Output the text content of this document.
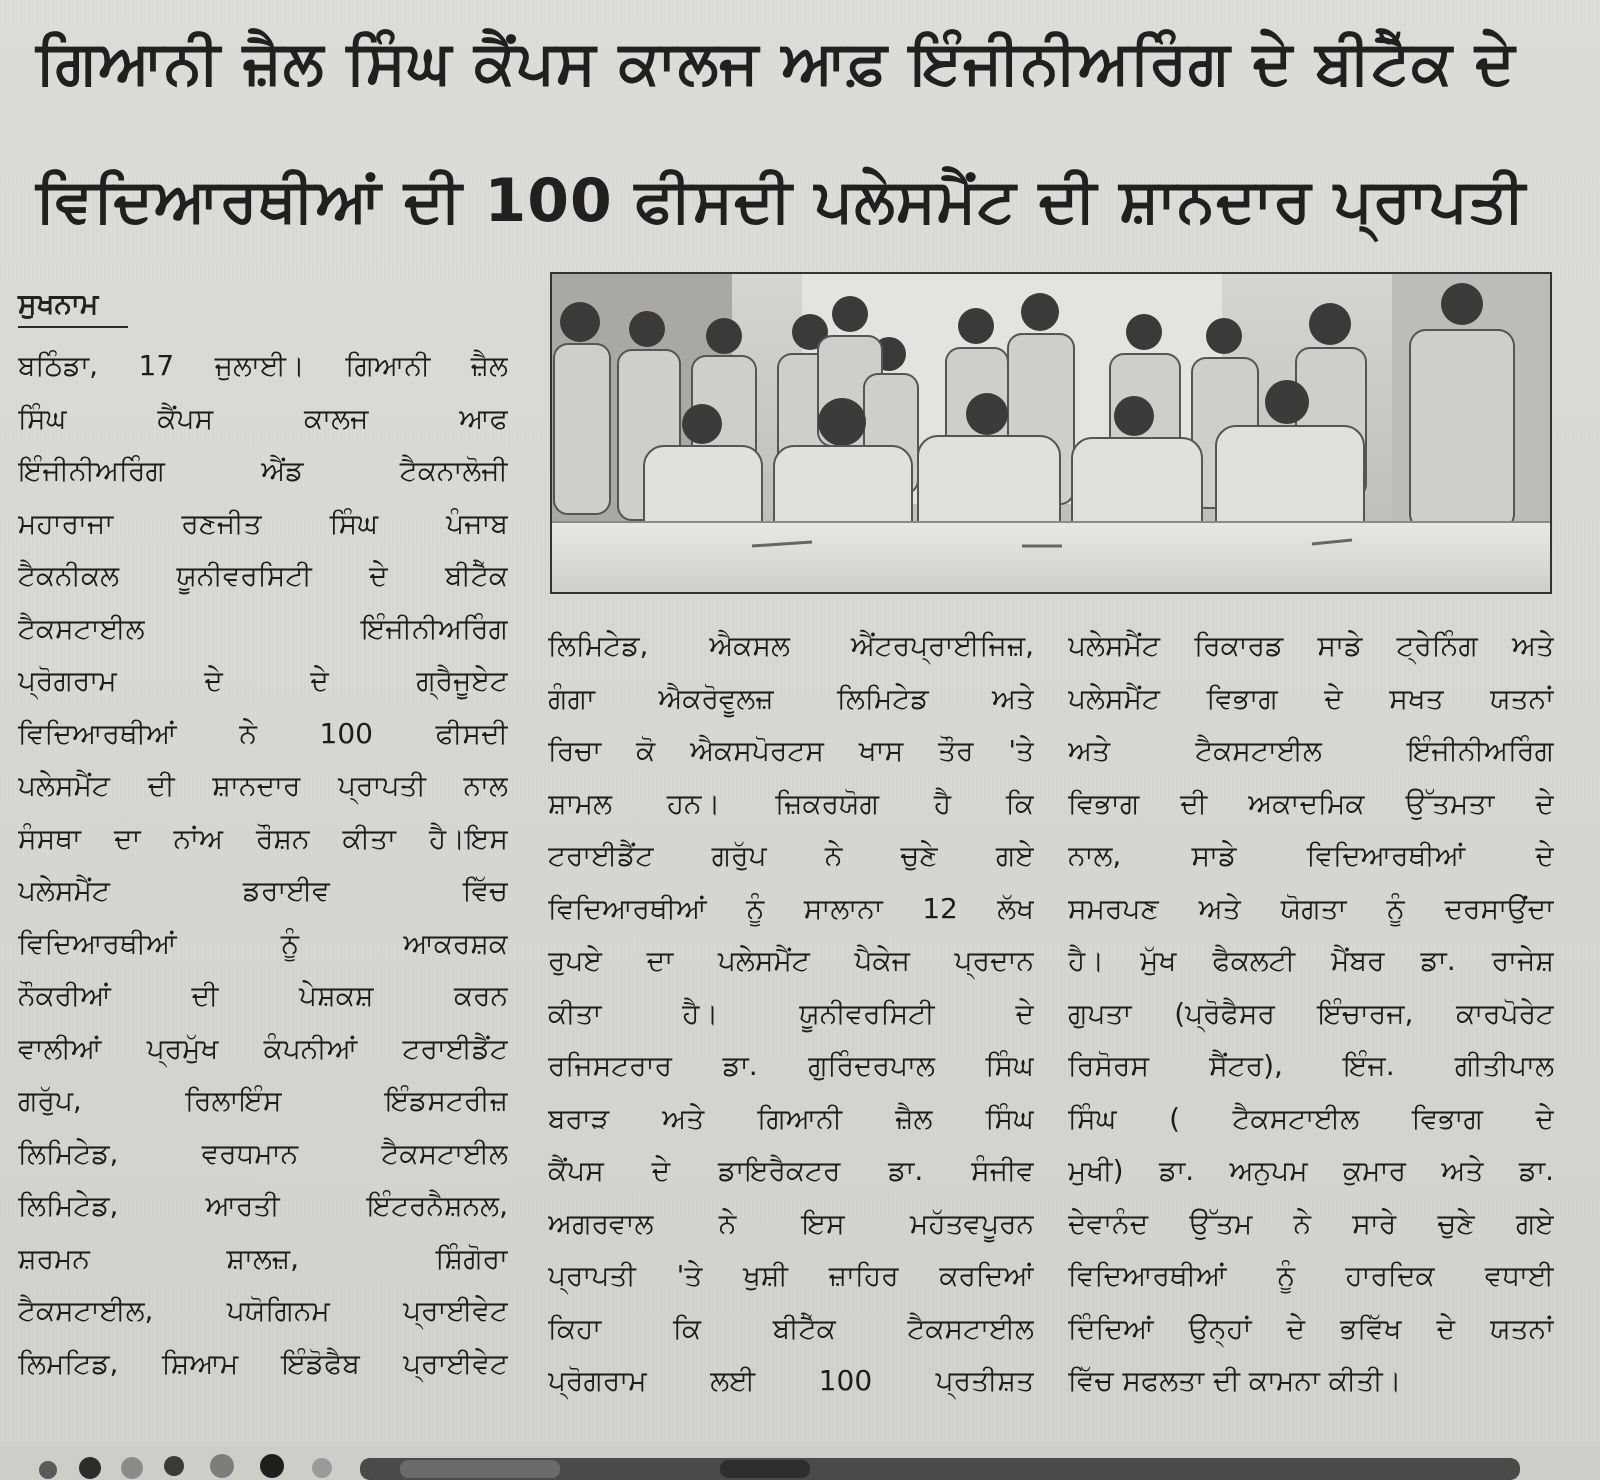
ਗਿਆਨੀ ਜ਼ੈਲ ਸਿੰਘ ਕੈਂਪਸ ਕਾਲਜ ਆਫ਼ ਇੰਜੀਨੀਅਰਿੰਗ ਦੇ ਬੀਟੈੱਕ ਦੇ
ਵਿਦਿਆਰਥੀਆਂ ਦੀ 100 ਫੀਸਦੀ ਪਲੇਸਮੈਂਟ ਦੀ ਸ਼ਾਨਦਾਰ ਪ੍ਰਾਪਤੀ
ਸੁਖਨਾਮ
ਬਠਿੰਡਾ, 17 ਜੁਲਾਈ। ਗਿਆਨੀ ਜ਼ੈਲ
ਸਿੰਘ ਕੈਂਪਸ ਕਾਲਜ ਆਫ
ਇੰਜੀਨੀਅਰਿੰਗ ਐਂਡ ਟੈਕਨਾਲੋਜੀ
ਮਹਾਰਾਜਾ ਰਣਜੀਤ ਸਿੰਘ ਪੰਜਾਬ
ਟੈਕਨੀਕਲ ਯੂਨੀਵਰਸਿਟੀ ਦੇ ਬੀਟੈੱਕ
ਟੈਕਸਟਾਈਲ ਇੰਜੀਨੀਅਰਿੰਗ
ਪ੍ਰੋਗਰਾਮ ਦੇ ਦੇ ਗ੍ਰੈਜੂਏਟ
ਵਿਦਿਆਰਥੀਆਂ ਨੇ 100 ਫੀਸਦੀ
ਪਲੇਸਮੈਂਟ ਦੀ ਸ਼ਾਨਦਾਰ ਪ੍ਰਾਪਤੀ ਨਾਲ
ਸੰਸਥਾ ਦਾ ਨਾਂਅ ਰੌਸ਼ਨ ਕੀਤਾ ਹੈ।ਇਸ
ਪਲੇਸਮੈਂਟ ਡਰਾਈਵ ਵਿੱਚ
ਵਿਦਿਆਰਥੀਆਂ ਨੂੰ ਆਕਰਸ਼ਕ
ਨੌਕਰੀਆਂ ਦੀ ਪੇਸ਼ਕਸ਼ ਕਰਨ
ਵਾਲੀਆਂ ਪ੍ਰਮੁੱਖ ਕੰਪਨੀਆਂ ਟਰਾਈਡੈਂਟ
ਗਰੁੱਪ, ਰਿਲਾਇੰਸ ਇੰਡਸਟਰੀਜ਼
ਲਿਮਿਟੇਡ, ਵਰਧਮਾਨ ਟੈਕਸਟਾਈਲ
ਲਿਮਿਟੇਡ, ਆਰਤੀ ਇੰਟਰਨੈਸ਼ਨਲ,
ਸ਼ਰਮਨ ਸ਼ਾਲਜ਼, ਸ਼ਿੰਗੋਰਾ
ਟੈਕਸਟਾਈਲ, ਪਯੋਗਿਨਮ ਪ੍ਰਾਈਵੇਟ
ਲਿਮਟਿਡ, ਸ਼ਿਆਮ ਇੰਡੋਫੈਬ ਪ੍ਰਾਈਵੇਟ
ਲਿਮਿਟੇਡ, ਐਕਸਲ ਐਂਟਰਪ੍ਰਾਈਜਿਜ਼,
ਗੰਗਾ ਐਕਰੋਵੂਲਜ਼ ਲਿਮਿਟੇਡ ਅਤੇ
ਰਿਚਾ ਕੋ ਐਕਸਪੋਰਟਸ ਖਾਸ ਤੌਰ 'ਤੇ
ਸ਼ਾਮਲ ਹਨ। ਜ਼ਿਕਰਯੋਗ ਹੈ ਕਿ
ਟਰਾਈਡੈਂਟ ਗਰੁੱਪ ਨੇ ਚੁਣੇ ਗਏ
ਵਿਦਿਆਰਥੀਆਂ ਨੂੰ ਸਾਲਾਨਾ 12 ਲੱਖ
ਰੁਪਏ ਦਾ ਪਲੇਸਮੈਂਟ ਪੈਕੇਜ ਪ੍ਰਦਾਨ
ਕੀਤਾ ਹੈ। ਯੂਨੀਵਰਸਿਟੀ ਦੇ
ਰਜਿਸਟਰਾਰ ਡਾ. ਗੁਰਿੰਦਰਪਾਲ ਸਿੰਘ
ਬਰਾੜ ਅਤੇ ਗਿਆਨੀ ਜ਼ੈਲ ਸਿੰਘ
ਕੈਂਪਸ ਦੇ ਡਾਇਰੈਕਟਰ ਡਾ. ਸੰਜੀਵ
ਅਗਰਵਾਲ ਨੇ ਇਸ ਮਹੱਤਵਪੂਰਨ
ਪ੍ਰਾਪਤੀ 'ਤੇ ਖੁਸ਼ੀ ਜ਼ਾਹਿਰ ਕਰਦਿਆਂ
ਕਿਹਾ ਕਿ ਬੀਟੈੱਕ ਟੈਕਸਟਾਈਲ
ਪ੍ਰੋਗਰਾਮ ਲਈ 100 ਪ੍ਰਤੀਸ਼ਤ
ਪਲੇਸਮੈਂਟ ਰਿਕਾਰਡ ਸਾਡੇ ਟ੍ਰੇਨਿੰਗ ਅਤੇ
ਪਲੇਸਮੈਂਟ ਵਿਭਾਗ ਦੇ ਸਖਤ ਯਤਨਾਂ
ਅਤੇ ਟੈਕਸਟਾਈਲ ਇੰਜੀਨੀਅਰਿੰਗ
ਵਿਭਾਗ ਦੀ ਅਕਾਦਮਿਕ ਉੱਤਮਤਾ ਦੇ
ਨਾਲ, ਸਾਡੇ ਵਿਦਿਆਰਥੀਆਂ ਦੇ
ਸਮਰਪਣ ਅਤੇ ਯੋਗਤਾ ਨੂੰ ਦਰਸਾਉਂਦਾ
ਹੈ। ਮੁੱਖ ਫੈਕਲਟੀ ਮੈਂਬਰ ਡਾ. ਰਾਜੇਸ਼
ਗੁਪਤਾ (ਪ੍ਰੋਫੈਸਰ ਇੰਚਾਰਜ, ਕਾਰਪੋਰੇਟ
ਰਿਸੋਰਸ ਸੈਂਟਰ), ਇੰਜ. ਗੀਤੀਪਾਲ
ਸਿੰਘ ( ਟੈਕਸਟਾਈਲ ਵਿਭਾਗ ਦੇ
ਮੁਖੀ) ਡਾ. ਅਨੁਪਮ ਕੁਮਾਰ ਅਤੇ ਡਾ.
ਦੇਵਾਨੰਦ ਉੱਤਮ ਨੇ ਸਾਰੇ ਚੁਣੇ ਗਏ
ਵਿਦਿਆਰਥੀਆਂ ਨੂੰ ਹਾਰਦਿਕ ਵਧਾਈ
ਦਿੰਦਿਆਂ ਉਨ੍ਹਾਂ ਦੇ ਭਵਿੱਖ ਦੇ ਯਤਨਾਂ
ਵਿੱਚ ਸਫਲਤਾ ਦੀ ਕਾਮਨਾ ਕੀਤੀ।
